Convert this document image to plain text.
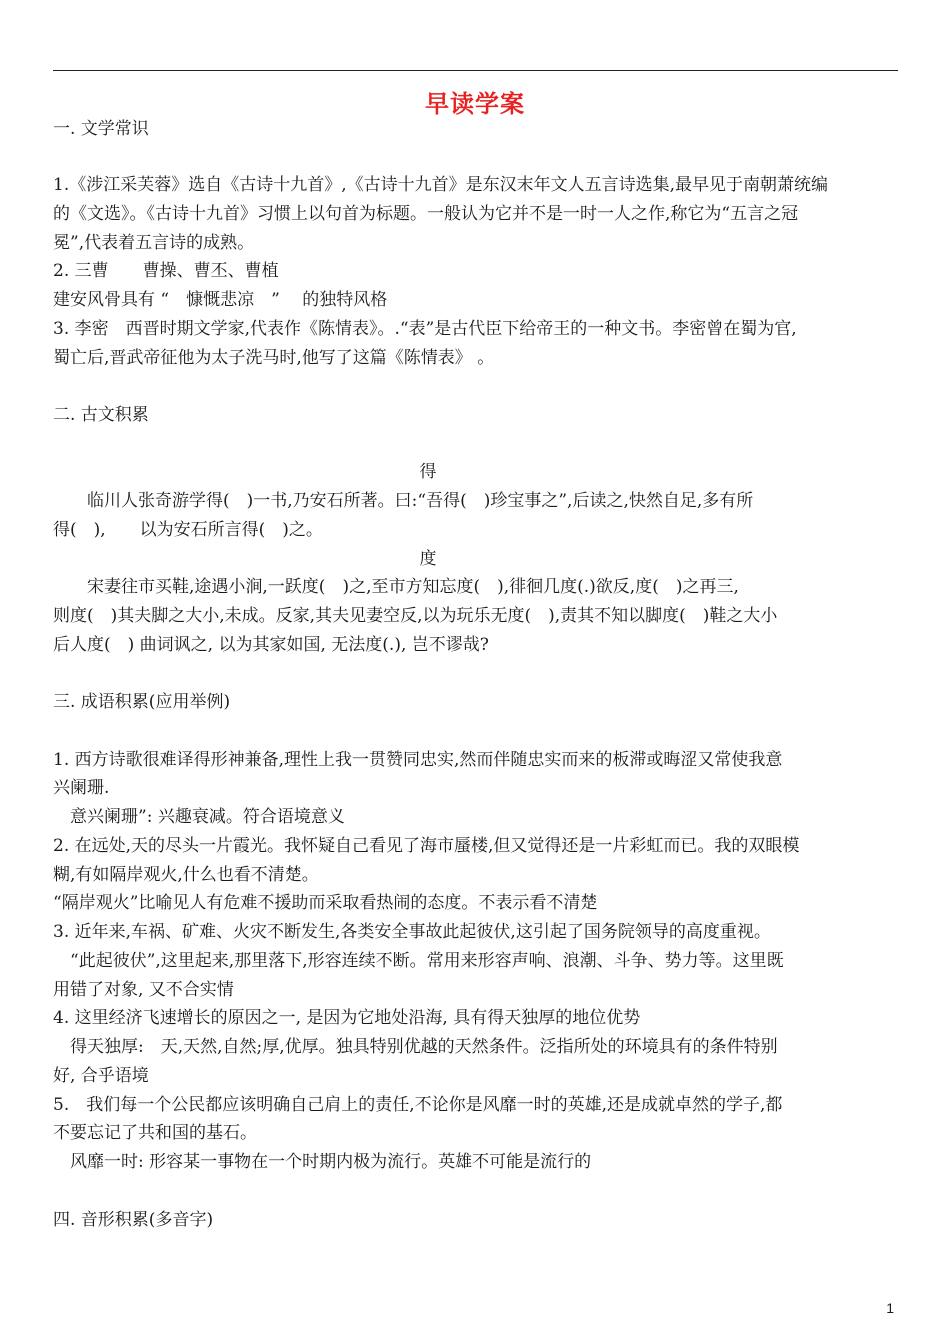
早读学案
一. 文学常识
1.《涉江采芙蓉》选自《古诗十九首》,《古诗十九首》是东汉末年文人五言诗选集,最早见于南朝萧统编
的《文选》。《古诗十九首》习惯上以句首为标题。一般认为它并不是一时一人之作,称它为“五言之冠
冕”,代表着五言诗的成熟。
2. 三曹　　曹操、曹丕、曹植
建安风骨具有 “　慷慨悲凉　” 　的独特风格
3. 李密　西晋时期文学家,代表作《陈情表》。.“表”是古代臣下给帝王的一种文书。李密曾在蜀为官,
蜀亡后,晋武帝征他为太子洗马时,他写了这篇《陈情表》 。
二. 古文积累
得
　　临川人张奇游学得(　)一书,乃安石所著。曰:“吾得(　)珍宝事之”,后读之,快然自足,多有所
得(　),　　以为安石所言得(　)之。
度
　　宋妻往市买鞋,途遇小涧,一跃度(　)之,至市方知忘度(　),徘徊几度(.)欲反,度(　)之再三,
则度(　)其夫脚之大小,未成。反家,其夫见妻空反,以为玩乐无度(　),责其不知以脚度(　)鞋之大小
后人度(　) 曲词讽之, 以为其家如国, 无法度(.), 岂不谬哉?
三. 成语积累(应用举例)
1. 西方诗歌很难译得形神兼备,理性上我一贯赞同忠实,然而伴随忠实而来的板滞或晦涩又常使我意
兴阑珊.
　意兴阑珊”: 兴趣衰减。符合语境意义
2. 在远处,天的尽头一片霞光。我怀疑自己看见了海市蜃楼,但又觉得还是一片彩虹而已。我的双眼模
糊,有如隔岸观火,什么也看不清楚。
“隔岸观火”比喻见人有危难不援助而采取看热闹的态度。不表示看不清楚
3. 近年来,车祸、矿难、火灾不断发生,各类安全事故此起彼伏,这引起了国务院领导的高度重视。
　“此起彼伏”,这里起来,那里落下,形容连续不断。常用来形容声响、浪潮、斗争、势力等。这里既
用错了对象, 又不合实情
4. 这里经济飞速增长的原因之一, 是因为它地处沿海, 具有得天独厚的地位优势
　得天独厚:　天,天然,自然;厚,优厚。独具特别优越的天然条件。泛指所处的环境具有的条件特别
好, 合乎语境
5.　我们每一个公民都应该明确自己肩上的责任,不论你是风靡一时的英雄,还是成就卓然的学子,都
不要忘记了共和国的基石。
　风靡一时: 形容某一事物在一个时期内极为流行。英雄不可能是流行的
四. 音形积累(多音字)
1
